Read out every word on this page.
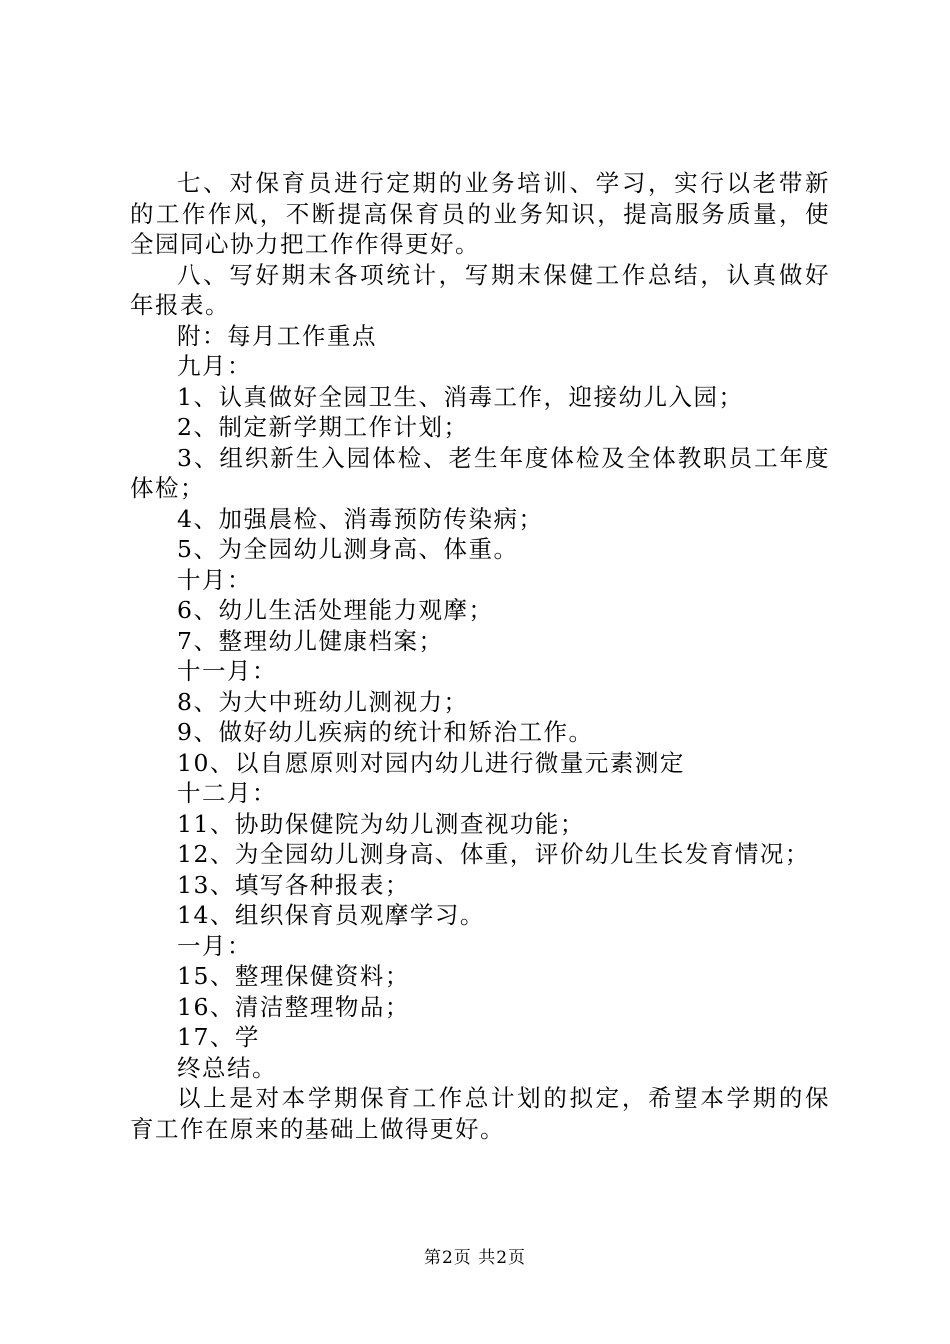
七、对保育员进行定期的业务培训、学习，实行以老带新
的工作作风，不断提高保育员的业务知识，提高服务质量，使
全园同心协力把工作作得更好。
八、写好期末各项统计，写期末保健工作总结，认真做好
年报表。
附：每月工作重点
九月：
1、认真做好全园卫生、消毒工作，迎接幼儿入园；
2、制定新学期工作计划；
3、组织新生入园体检、老生年度体检及全体教职员工年度
体检；
4、加强晨检、消毒预防传染病；
5、为全园幼儿测身高、体重。
十月：
6、幼儿生活处理能力观摩；
7、整理幼儿健康档案；
十一月：
8、为大中班幼儿测视力；
9、做好幼儿疾病的统计和矫治工作。
10、以自愿原则对园内幼儿进行微量元素测定
十二月：
11、协助保健院为幼儿测查视功能；
12、为全园幼儿测身高、体重，评价幼儿生长发育情况；
13、填写各种报表；
14、组织保育员观摩学习。
一月：
15、整理保健资料；
16、清洁整理物品；
17、学
终总结。
以上是对本学期保育工作总计划的拟定，希望本学期的保
育工作在原来的基础上做得更好。
第2页 共2页
